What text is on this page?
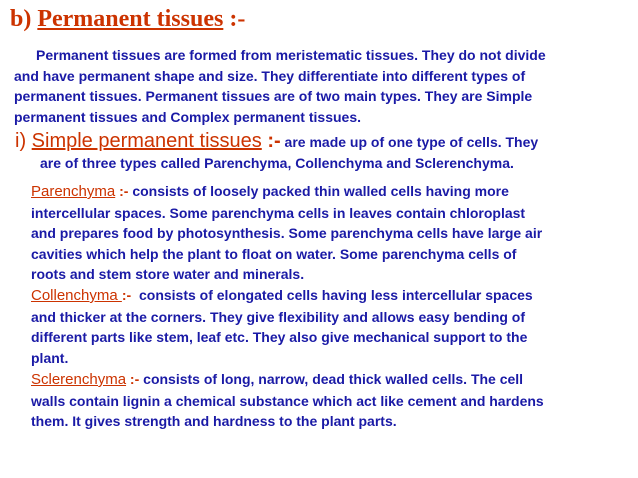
b) Permanent tissues :-
Permanent tissues are formed from meristematic tissues. They do not divide
and have permanent shape and size. They differentiate into different types of
permanent tissues. Permanent tissues are of two main types. They are Simple
permanent tissues and Complex permanent tissues.
i) Simple permanent tissues :- are made up of one type of cells. They
are of three types called Parenchyma, Collenchyma and Sclerenchyma.
Parenchyma :- consists of loosely packed thin walled cells having more
intercellular spaces. Some parenchyma cells in leaves contain chloroplast
and prepares food by photosynthesis. Some parenchyma cells have large air
cavities which help the plant to float on water. Some parenchyma cells of
roots and stem store water and minerals.
Collenchyma :-  consists of elongated cells having less intercellular spaces
and thicker at the corners. They give flexibility and allows easy bending of
different parts like stem, leaf etc. They also give mechanical support to the
plant.
Sclerenchyma :- consists of long, narrow, dead thick walled cells. The cell
walls contain lignin a chemical substance which act like cement and hardens
them. It gives strength and hardness to the plant parts.
